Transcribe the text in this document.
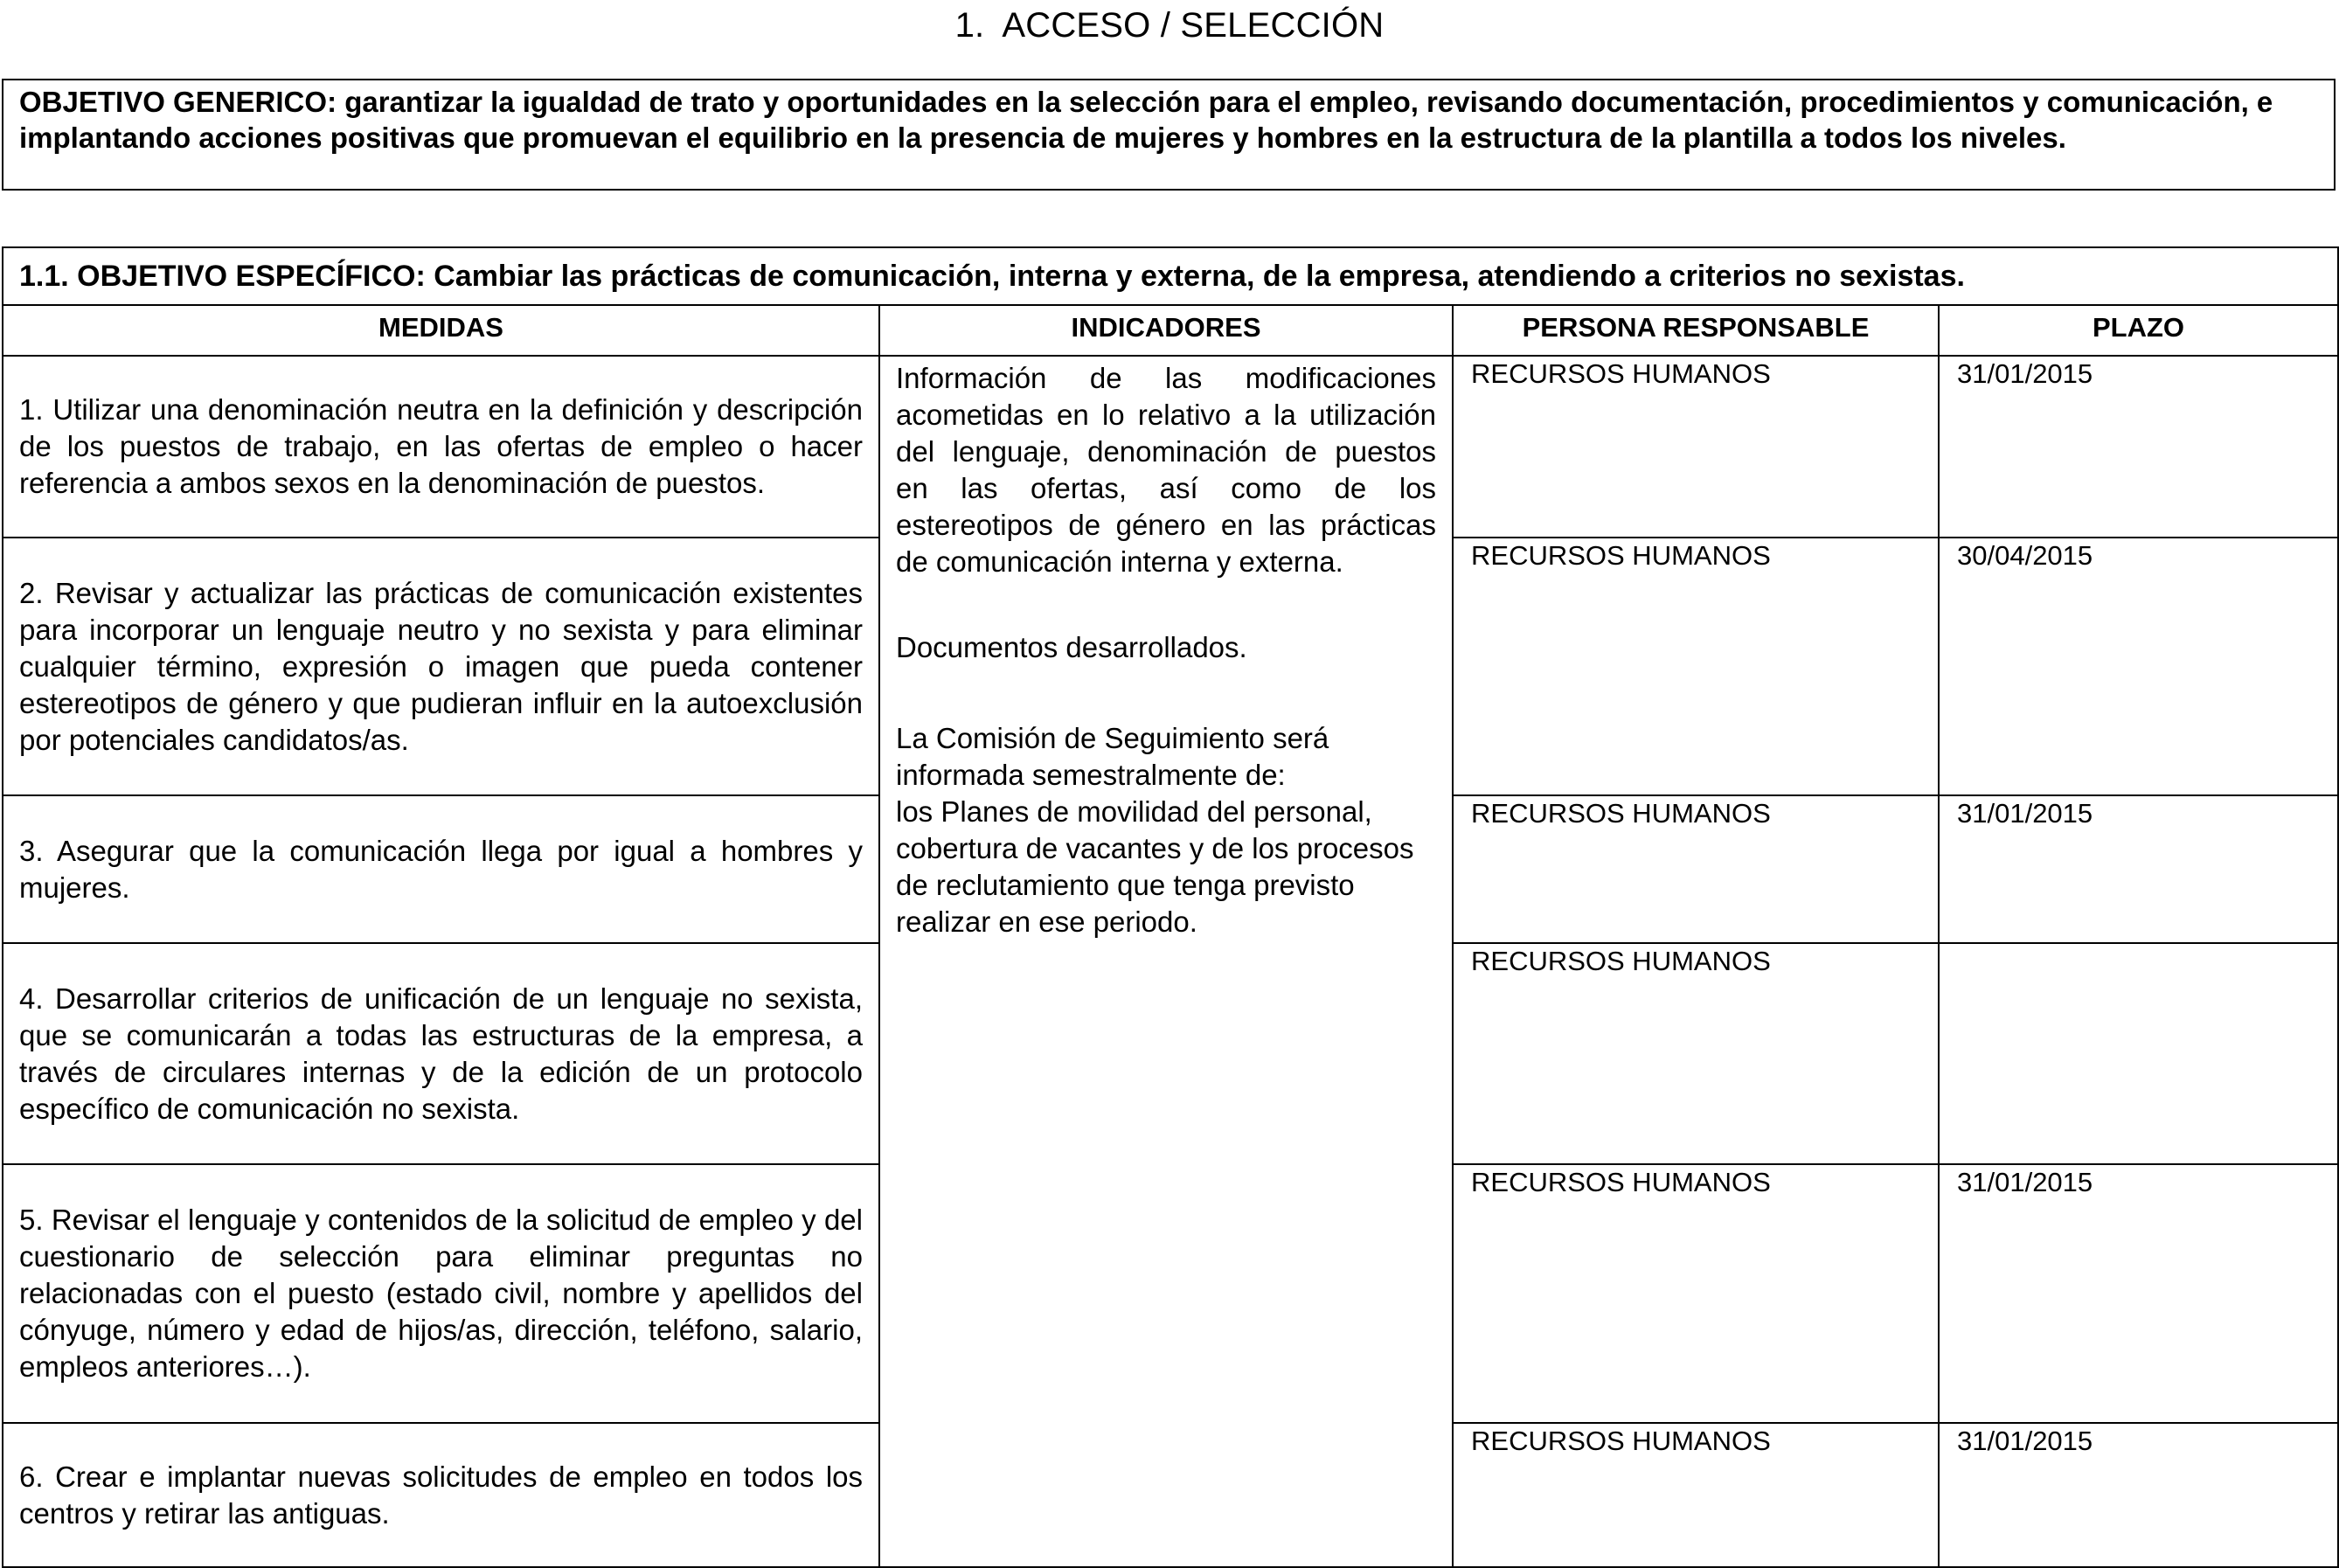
1. ACCESO / SELECCIÓN
OBJETIVO GENERICO: garantizar la igualdad de trato y oportunidades en la selección para el empleo, revisando documentación, procedimientos y comunicación, e implantando acciones positivas que promuevan el equilibrio en la presencia de mujeres y hombres en la estructura de la plantilla a todos los niveles.
1.1. OBJETIVO ESPECÍFICO: Cambiar las prácticas de comunicación, interna y externa, de la empresa, atendiendo a criterios no sexistas.			
MEDIDAS	INDICADORES	PERSONA RESPONSABLE	PLAZO
1. Utilizar una denominación neutra en la definición y descripción de los puestos de trabajo, en las ofertas de empleo o hacer referencia a ambos sexos en la denominación de puestos.	Información de las modificaciones acometidas en lo relativo a la utilización del lenguaje, denominación de puestos en las ofertas, así como de los estereotipos de género en las prácticas de comunicación interna y externa.

Documentos desarrollados.

La Comisión de Seguimiento será

informada semestralmente de:

los Planes de movilidad del personal, cobertura de vacantes y de los procesos de reclutamiento que tenga previsto realizar en ese periodo.	RECURSOS HUMANOS	31/01/2015
2. Revisar y actualizar las prácticas de comunicación existentes para incorporar un lenguaje neutro y no sexista y para eliminar cualquier término, expresión o imagen que pueda contener estereotipos de género y que pudieran influir en la autoexclusión por potenciales candidatos/as.		RECURSOS HUMANOS	30/04/2015
3. Asegurar que la comunicación llega por igual a hombres y mujeres.		RECURSOS HUMANOS	31/01/2015
4. Desarrollar criterios de unificación de un lenguaje no sexista, que se comunicarán a todas las estructuras de la empresa, a través de circulares internas y de la edición de un protocolo específico de comunicación no sexista.		RECURSOS HUMANOS	
5. Revisar el lenguaje y contenidos de la solicitud de empleo y del cuestionario de selección para eliminar preguntas no relacionadas con el puesto (estado civil, nombre y apellidos del cónyuge, número y edad de hijos/as, dirección, teléfono, salario, empleos anteriores…).		RECURSOS HUMANOS	31/01/2015
6. Crear e implantar nuevas solicitudes de empleo en todos los centros y retirar las antiguas.		RECURSOS HUMANOS	31/01/2015
